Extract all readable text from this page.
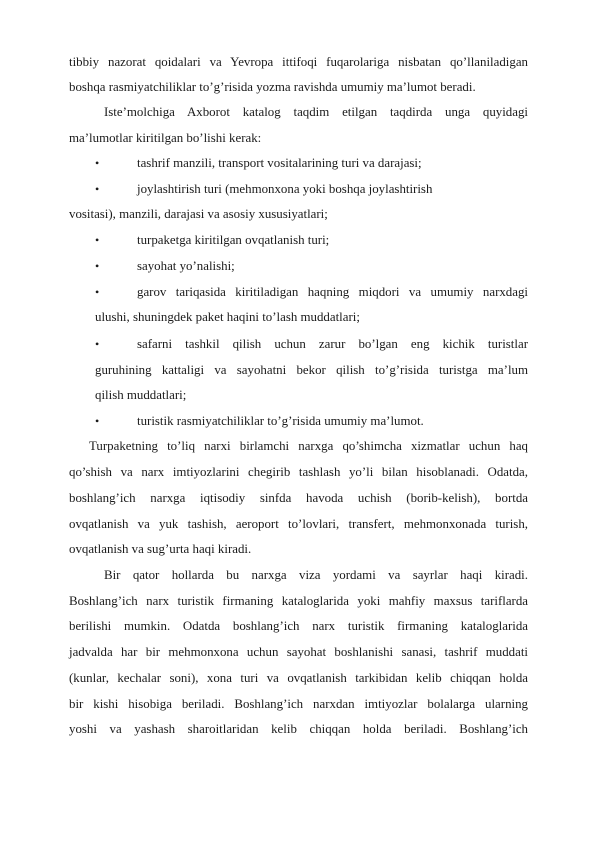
tibbiy nazorat qoidalari va Yevropa ittifoqi fuqarolariga nisbatan qo’llaniladigan
boshqa rasmiyatchiliklar to’g’risida yozma ravishda umumiy ma’lumot beradi.
Iste’molchiga Axborot katalog taqdim etilgan taqdirda unga quyidagi
ma’lumotlar kiritilgan bo’lishi kerak:
•	tashrif manzili, transport vositalarining turi va darajasi;
•	joylashtirish turi (mehmonxona yoki boshqa joylashtirish
vositasi), manzili, darajasi va asosiy xususiyatlari;
•	turpaketga kiritilgan ovqatlanish turi;
•	sayohat yo’nalishi;
•	garov tariqasida kiritiladigan haqning miqdori va umumiy narxdagi
ulushi, shuningdek paket haqini to’lash muddatlari;
•	safarni tashkil qilish uchun zarur bo’lgan eng kichik turistlar
guruhining kattaligi va sayohatni bekor qilish to’g’risida turistga ma’lum
qilish muddatlari;
•	turistik rasmiyatchiliklar to’g’risida umumiy ma’lumot.
Turpaketning to’liq narxi birlamchi narxga qo’shimcha xizmatlar uchun haq
qo’shish va narx imtiyozlarini chegirib tashlash yo’li bilan hisoblanadi. Odatda,
boshlang’ich narxga iqtisodiy sinfda havoda uchish (borib-kelish), bortda
ovqatlanish va yuk tashish, aeroport to’lovlari, transfert, mehmonxonada turish,
ovqatlanish va sug’urta haqi kiradi.
Bir qator hollarda bu narxga viza yordami va sayrlar haqi kiradi.
Boshlang’ich narx turistik firmaning kataloglarida yoki mahfiy maxsus tariflarda
berilishi mumkin. Odatda boshlang’ich narx turistik firmaning kataloglarida
jadvalda har bir mehmonxona uchun sayohat boshlanishi sanasi, tashrif muddati
(kunlar, kechalar soni), xona turi va ovqatlanish tarkibidan kelib chiqqan holda
bir kishi hisobiga beriladi. Boshlang’ich narxdan imtiyozlar bolalarga ularning
yoshi va yashash sharoitlaridan kelib chiqqan holda beriladi. Boshlang’ich
